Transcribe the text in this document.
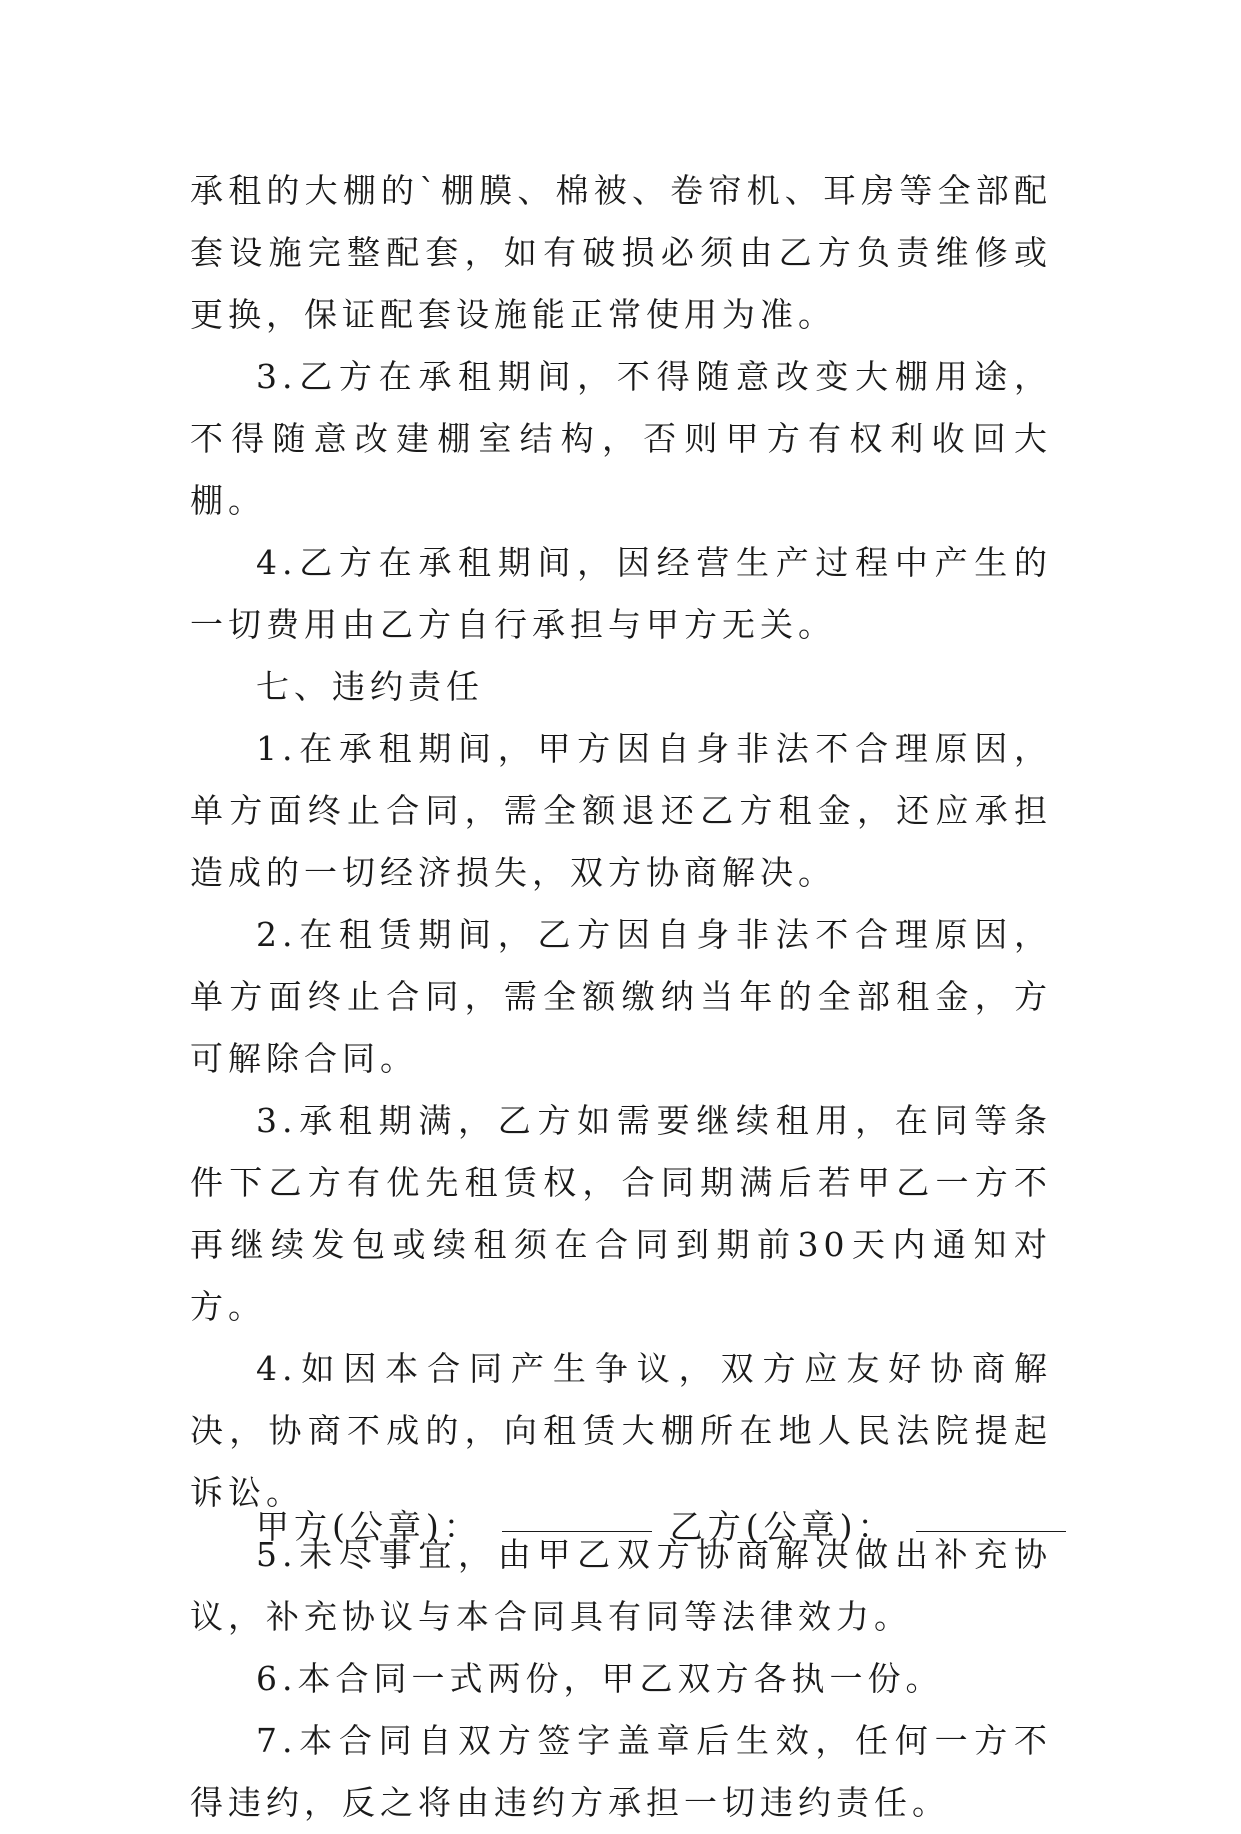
承租的大棚的`棚膜、棉被、卷帘机、耳房等全部配套设施完整配套，如有破损必须由乙方负责维修或更换，保证配套设施能正常使用为准。

3.乙方在承租期间，不得随意改变大棚用途，不得随意改建棚室结构，否则甲方有权利收回大棚。

4.乙方在承租期间，因经营生产过程中产生的一切费用由乙方自行承担与甲方无关。

七、违约责任

1.在承租期间，甲方因自身非法不合理原因，单方面终止合同，需全额退还乙方租金，还应承担造成的一切经济损失，双方协商解决。

2.在租赁期间，乙方因自身非法不合理原因，单方面终止合同，需全额缴纳当年的全部租金，方可解除合同。

3.承租期满，乙方如需要继续租用，在同等条件下乙方有优先租赁权，合同期满后若甲乙一方不再继续发包或续租须在合同到期前30天内通知对方。

4.如因本合同产生争议，双方应友好协商解决，协商不成的，向租赁大棚所在地人民法院提起诉讼。

5.未尽事宜，由甲乙双方协商解决做出补充协议，补充协议与本合同具有同等法律效力。

6.本合同一式两份，甲乙双方各执一份。

7.本合同自双方签字盖章后生效，任何一方不得违约，反之将由违约方承担一切违约责任。

甲方(公章)：	乙方(公章)：
